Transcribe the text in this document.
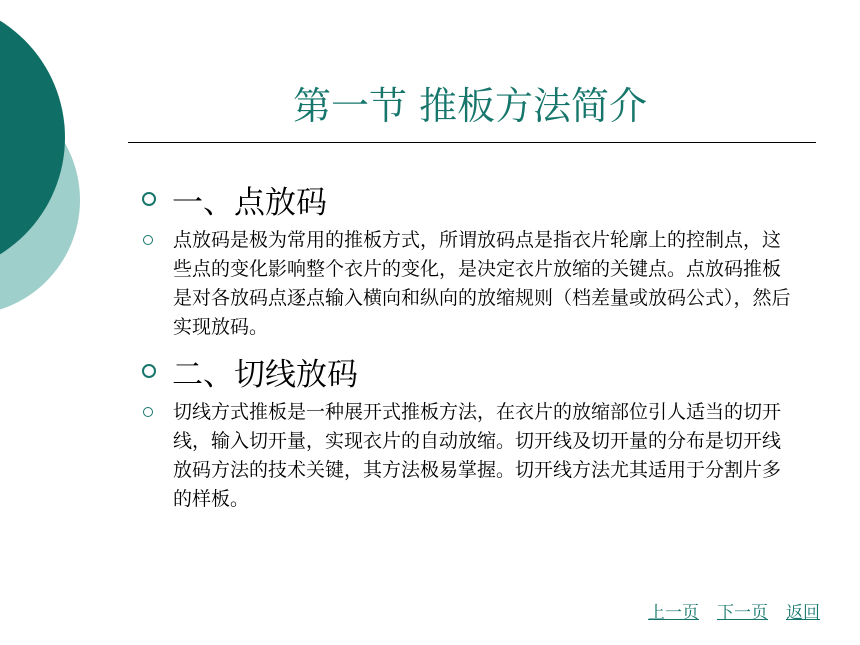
第一节 推板方法简介
一、点放码
点放码是极为常用的推板方式，所谓放码点是指衣片轮廓上的控制点，这些点的变化影响整个衣片的变化，是决定衣片放缩的关键点。点放码推板是对各放码点逐点输入横向和纵向的放缩规则（档差量或放码公式），然后实现放码。
二、切线放码
切线方式推板是一种展开式推板方法，在衣片的放缩部位引人适当的切开线，输入切开量，实现衣片的自动放缩。切开线及切开量的分布是切开线放码方法的技术关键，其方法极易掌握。切开线方法尤其适用于分割片多的样板。
上一页 下一页 返回
